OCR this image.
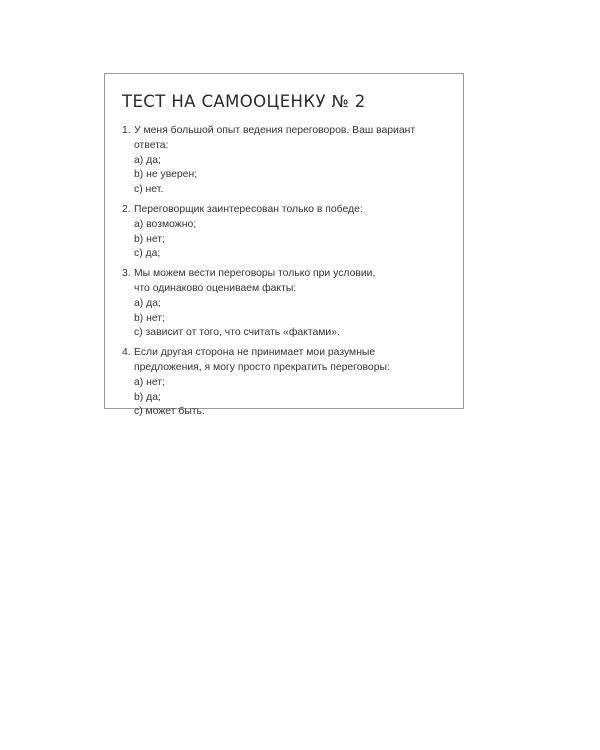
ТЕСТ НА САМООЦЕНКУ № 2
1. У меня большой опыт ведения переговоров. Ваш вариант
ответа:
a) да;
b) не уверен;
c) нет.
2. Переговорщик заинтересован только в победе:
a) возможно;
b) нет;
c) да;
3. Мы можем вести переговоры только при условии,
что одинаково оцениваем факты:
a) да;
b) нет;
c) зависит от того, что считать «фактами».
4. Если другая сторона не принимает мои разумные
предложения, я могу просто прекратить переговоры:
a) нет;
b) да;
c) может быть.
